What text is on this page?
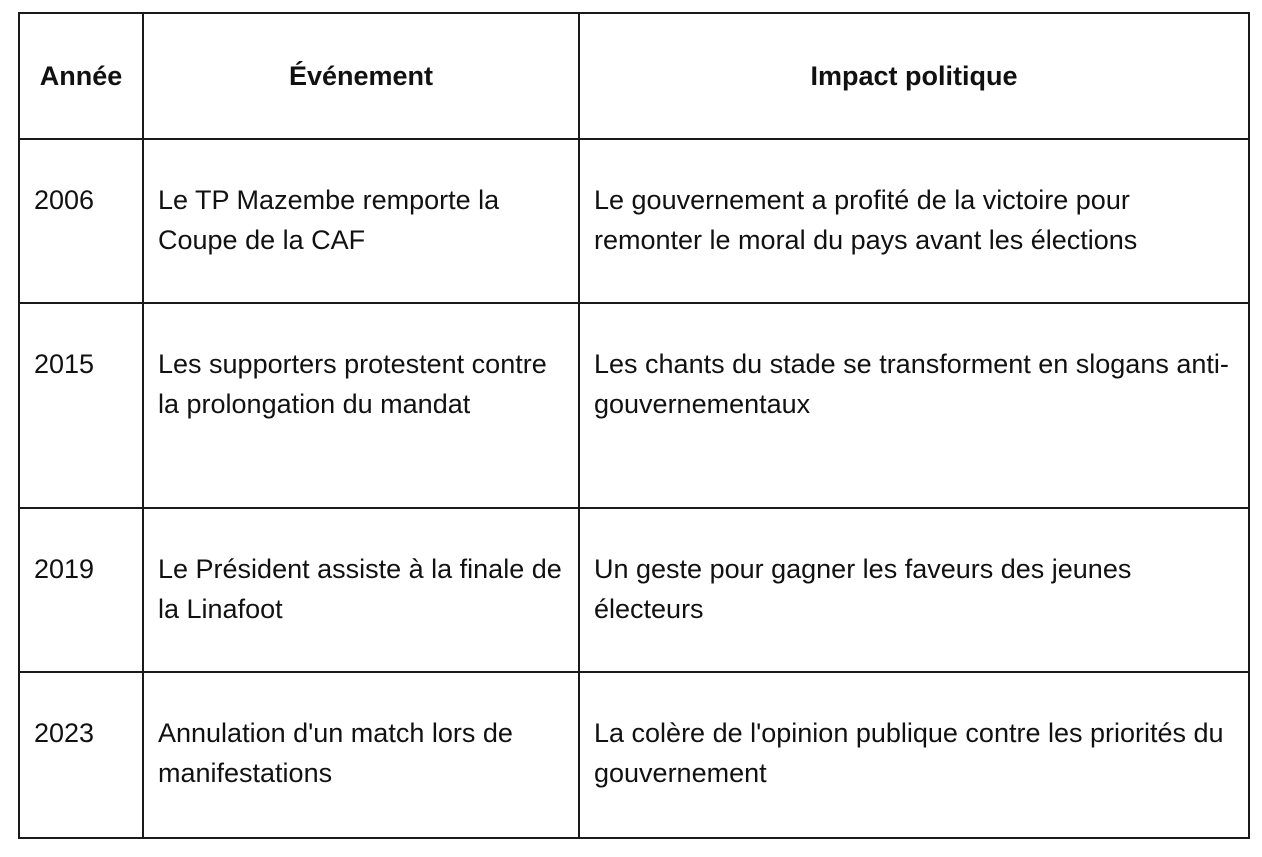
Année	Événement	Impact politique
2006	Le TP Mazembe remporte la Coupe de la CAF	Le gouvernement a profité de la victoire pour remonter le moral du pays avant les élections
2015	Les supporters protestent contre la prolongation du mandat	Les chants du stade se transforment en slogans anti-gouvernementaux
2019	Le Président assiste à la finale de la Linafoot	Un geste pour gagner les faveurs des jeunes électeurs
2023	Annulation d'un match lors de manifestations	La colère de l'opinion publique contre les priorités du gouvernement
